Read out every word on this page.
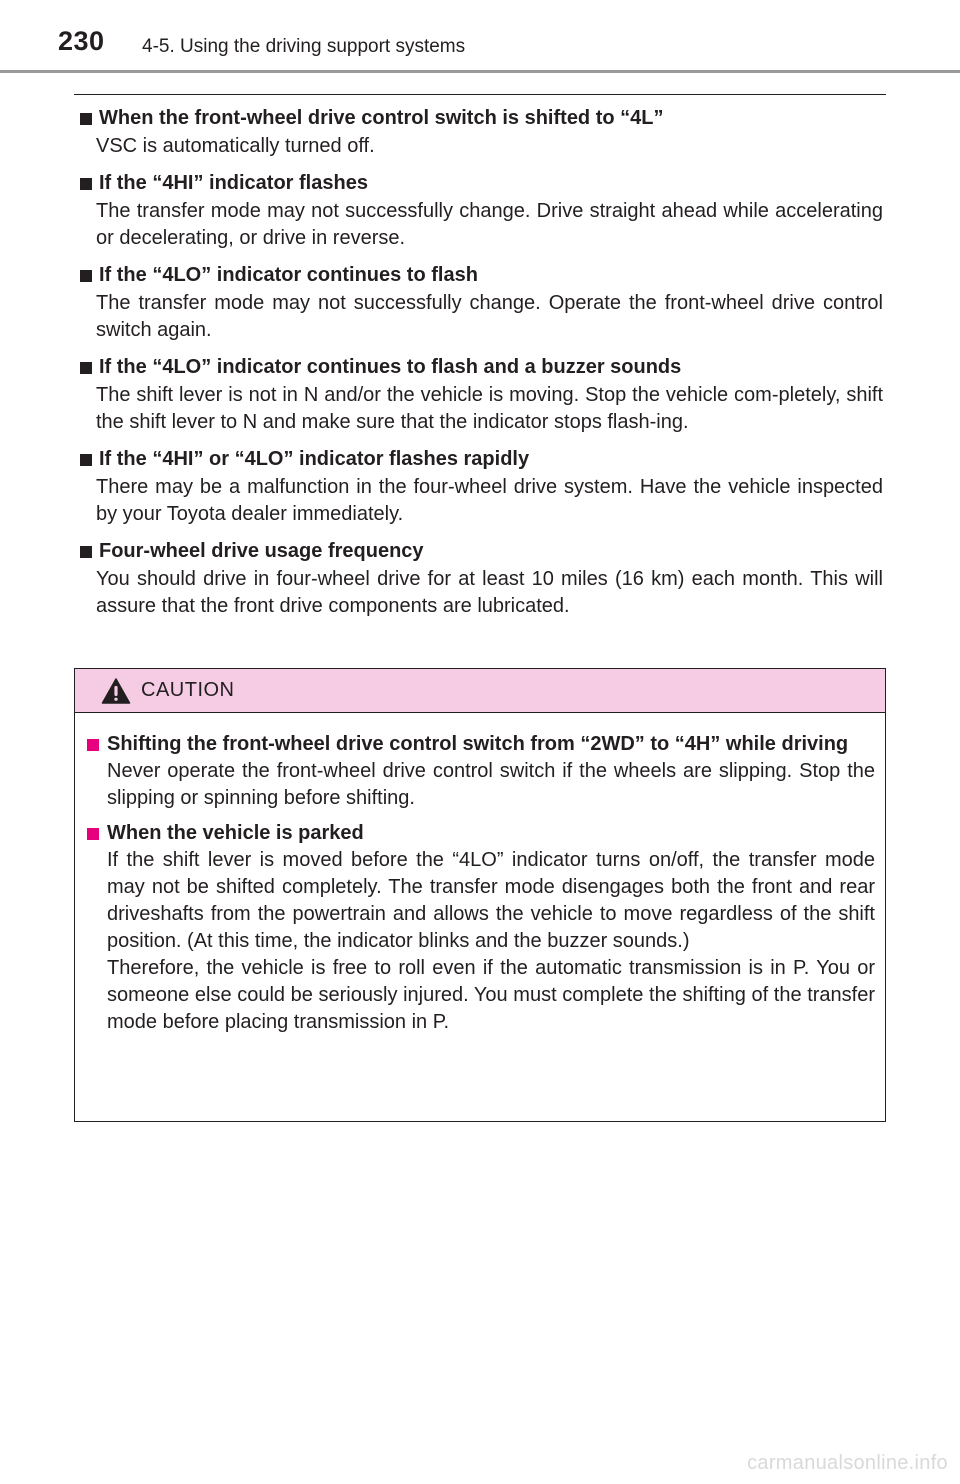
230 4-5. Using the driving support systems
When the front-wheel drive control switch is shifted to “4L”
VSC is automatically turned off.
If the “4HI” indicator flashes
The transfer mode may not successfully change. Drive straight ahead while accelerating or decelerating, or drive in reverse.
If the “4LO” indicator continues to flash
The transfer mode may not successfully change. Operate the front-wheel drive control switch again.
If the “4LO” indicator continues to flash and a buzzer sounds
The shift lever is not in N and/or the vehicle is moving. Stop the vehicle com-pletely, shift the shift lever to N and make sure that the indicator stops flash-ing.
If the “4HI” or “4LO” indicator flashes rapidly
There may be a malfunction in the four-wheel drive system. Have the vehicle inspected by your Toyota dealer immediately.
Four-wheel drive usage frequency
You should drive in four-wheel drive for at least 10 miles (16 km) each month. This will assure that the front drive components are lubricated.
CAUTION
Shifting the front-wheel drive control switch from “2WD” to “4H” while driving
Never operate the front-wheel drive control switch if the wheels are slipping. Stop the slipping or spinning before shifting.
When the vehicle is parked
If the shift lever is moved before the “4LO” indicator turns on/off, the transfer mode may not be shifted completely. The transfer mode disengages both the front and rear driveshafts from the powertrain and allows the vehicle to move regardless of the shift position. (At this time, the indicator blinks and the buzzer sounds.)
Therefore, the vehicle is free to roll even if the automatic transmission is in P. You or someone else could be seriously injured. You must complete the shifting of the transfer mode before placing transmission in P.
carmanualsonline.info
